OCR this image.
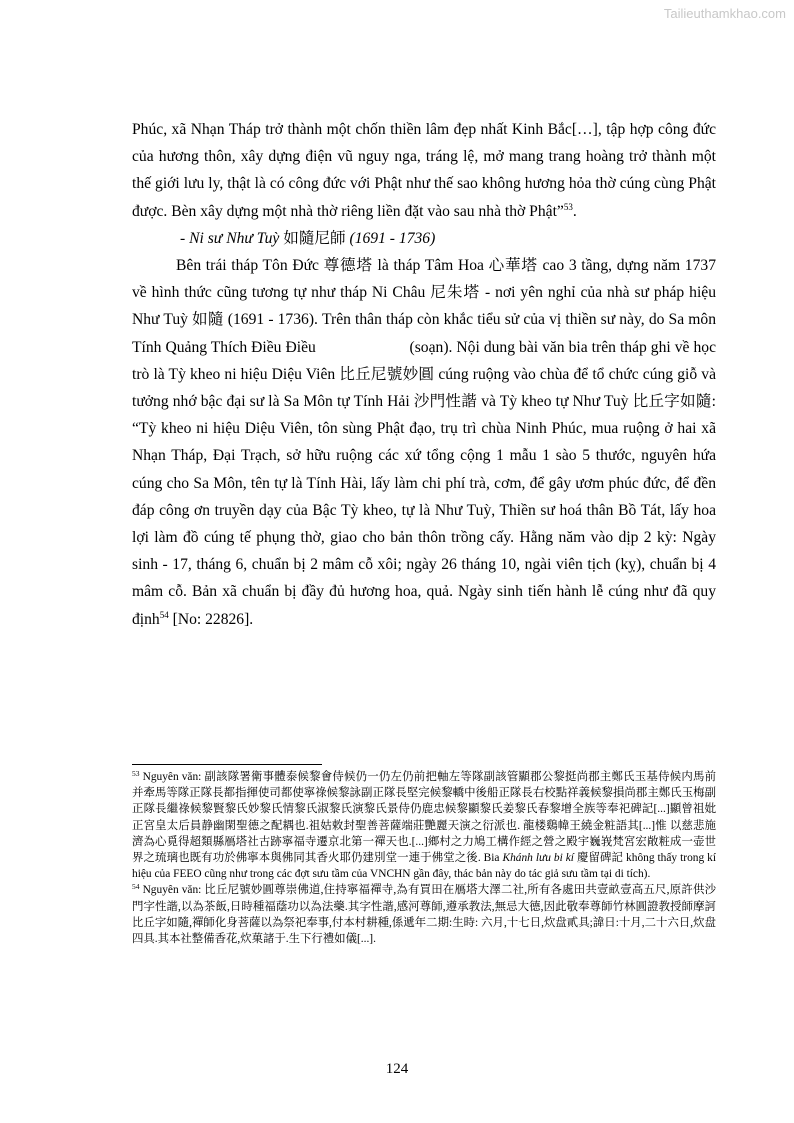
Tailieuthamkhao.com

Phúc, xã Nhạn Tháp trở thành một chốn thiền lâm đẹp nhất Kinh Bắc[…], tập hợp công đức của hương thôn, xây dựng điện vũ nguy nga, tráng lệ, mở mang trang hoàng trở thành một thế giới lưu ly, thật là có công đức với Phật như thế sao không hương hỏa thờ cúng cùng Phật được. Bèn xây dựng một nhà thờ riêng liền đặt vào sau nhà thờ Phật”$^{53}$.

- Ni sư Như Tuỳ 如隨尼師 (1691 - 1736)

Bên trái tháp Tôn Đức 尊德塔 là tháp Tâm Hoa 心華塔 cao 3 tầng, dựng năm 1737 về hình thức cũng tương tự như tháp Ni Châu 尼朱塔 - nơi yên nghỉ của nhà sư pháp hiệu Như Tuỳ 如隨 (1691 - 1736). Trên thân tháp còn khắc tiểu sử của vị thiền sư này, do Sa môn Tính Quảng Thích Điều Điều 𤁘門性廣釋條條 (soạn). Nội dung bài văn bia trên tháp ghi về học trò là Tỳ kheo ni hiệu Diệu Viên 比丘尼號妙圓 cúng ruộng vào chùa để tổ chức cúng giỗ và tưởng nhớ bậc đại sư là Sa Môn tự Tính Hải 沙門性諧 và Tỳ kheo tự Như Tuỳ 比丘字如隨: “Tỳ kheo ni hiệu Diệu Viên, tôn sùng Phật đạo, trụ trì chùa Ninh Phúc, mua ruộng ở hai xã Nhạn Tháp, Đại Trạch, sở hữu ruộng các xứ tổng cộng 1 mẫu 1 sào 5 thước, nguyên hứa cúng cho Sa Môn, tên tự là Tính Hài, lấy làm chi phí trà, cơm, để gây ươm phúc đức, để đền đáp công ơn truyền dạy của Bậc Tỳ kheo, tự là Như Tuỳ, Thiền sư hoá thân Bồ Tát, lấy hoa lợi làm đồ cúng tế phụng thờ, giao cho bản thôn trồng cấy. Hằng năm vào dịp 2 kỳ: Ngày sinh - 17, tháng 6, chuẩn bị 2 mâm cỗ xôi; ngày 26 tháng 10, ngài viên tịch (kỵ), chuẩn bị 4 mâm cỗ. Bản xã chuẩn bị đầy đủ hương hoa, quả. Ngày sinh tiến hành lễ cúng như đã quy định$^{54}$ [No: 22826].

$^{53}$ Nguyên văn: 副該隊署衛事體泰候黎會侍候仍一仍左仍前把軸左等隊副該管顯郡公黎挺尚郡主鄭氏玉基侍候内馬前并牽馬等隊正隊長都指揮使司都使寧祿候黎詠副正隊長堅完候黎轎中後船正隊長右校點祥義候黎損尚郡主鄭氏玉梅副正隊長繼祿候黎賢黎氏妙黎氏情黎氏淑黎氏演黎氏景侍仍鹿忠候黎顯黎氏姜黎氏春黎增全族等奉祀碑記[...]顯曾祖妣正宮皇太后員静幽閑聖德之配耦也.祖姑敕封聖善菩薩端莊艷麗天演之衍派也. 龍楼鷄幃王繞金粧語其[...]惟 以慈悲施濟為心覓得超類縣鴈塔社古跡寧福寺遷京北第一禪天也.[...]鄉村之力鳩工構作經之營之殿宇巍峩梵宮宏敞粧成一壶世界之琉璃也既有功於佛寧本與佛同其香火耶仍建別堂一連于佛堂之後. Bia Khánh lưu bi kí 慶留碑記 không thấy trong kí hiệu của FEEO cũng như trong các đợt sưu tầm của VNCHN gần đây, thác bản này do tác giả sưu tầm tại di tích).

$^{54}$ Nguyên văn: 比丘尼號妙圓尊崇佛道,住持寧福禪寺,為有買田在鴈塔大澤二社,所有各處田共壹畝壹高五尺,原許供沙門字性諧,以為茶飯,日時種福蔭功以為法藥.其字性諧,感河尊師,遵承教法,無忌大德,因此敬奉尊師竹林圓證教授師摩訶比丘字如隨,禪師化身菩薩以為祭祀奉事,付本村耕種,係遞年二期:生時: 六月,十七日,炊盘貳具;諱日:十月,二十六日,炊盘四具.其本社整備香花,炊菓諸于.生下行禮如儀[...].

124
